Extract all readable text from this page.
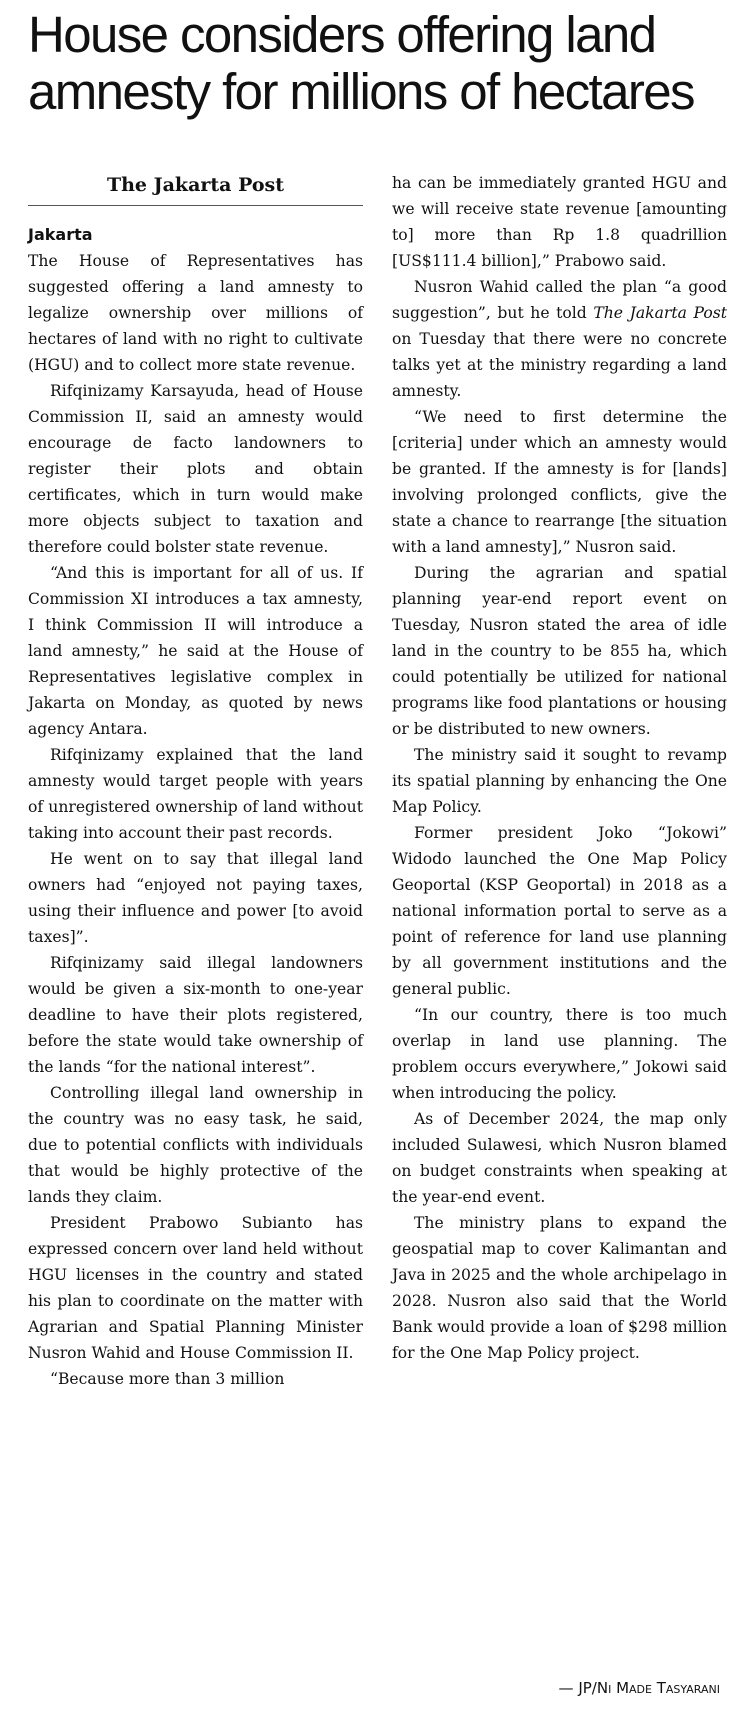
House considers offering land amnesty for millions of hectares
The Jakarta Post
Jakarta

The House of Representatives has suggested offering a land amnesty to legalize ownership over millions of hectares of land with no right to cultivate (HGU) and to collect more state revenue.

Rifqinizamy Karsayuda, head of House Commission II, said an amnesty would encourage de facto landowners to register their plots and obtain certificates, which in turn would make more objects subject to taxation and therefore could bolster state revenue.

“And this is important for all of us. If Commission XI introduces a tax amnesty, I think Commission II will introduce a land amnesty,” he said at the House of Representatives legislative complex in Jakarta on Monday, as quoted by news agency Antara.

Rifqinizamy explained that the land amnesty would target people with years of unregistered ownership of land without taking into account their past records.

He went on to say that illegal land owners had “enjoyed not paying taxes, using their influence and power [to avoid taxes]”.

Rifqinizamy said illegal landowners would be given a six-month to one-year deadline to have their plots registered, before the state would take ownership of the lands “for the national interest”.

Controlling illegal land ownership in the country was no easy task, he said, due to potential conflicts with individuals that would be highly protective of the lands they claim.

President Prabowo Subianto has expressed concern over land held without HGU licenses in the country and stated his plan to coordinate on the matter with Agrarian and Spatial Planning Minister Nusron Wahid and House Commission II.

“Because more than 3 million

ha can be immediately granted HGU and we will receive state revenue [amounting to] more than Rp 1.8 quadrillion [US$111.4 billion],” Prabowo said.

Nusron Wahid called the plan “a good suggestion”, but he told The Jakarta Post on Tuesday that there were no concrete talks yet at the ministry regarding a land amnesty.

“We need to first determine the [criteria] under which an amnesty would be granted. If the amnesty is for [lands] involving prolonged conflicts, give the state a chance to rearrange [the situation with a land amnesty],” Nusron said.

During the agrarian and spatial planning year-end report event on Tuesday, Nusron stated the area of idle land in the country to be 855 ha, which could potentially be utilized for national programs like food plantations or housing or be distributed to new owners.

The ministry said it sought to revamp its spatial planning by enhancing the One Map Policy.

Former president Joko “Jokowi” Widodo launched the One Map Policy Geoportal (KSP Geoportal) in 2018 as a national information portal to serve as a point of reference for land use planning by all government institutions and the general public.

“In our country, there is too much overlap in land use planning. The problem occurs everywhere,” Jokowi said when introducing the policy.

As of December 2024, the map only included Sulawesi, which Nusron blamed on budget constraints when speaking at the year-end event.

The ministry plans to expand the geospatial map to cover Kalimantan and Java in 2025 and the whole archipelago in 2028. Nusron also said that the World Bank would provide a loan of $298 million for the One Map Policy project.

— JP/Ni Made Tasyarani
